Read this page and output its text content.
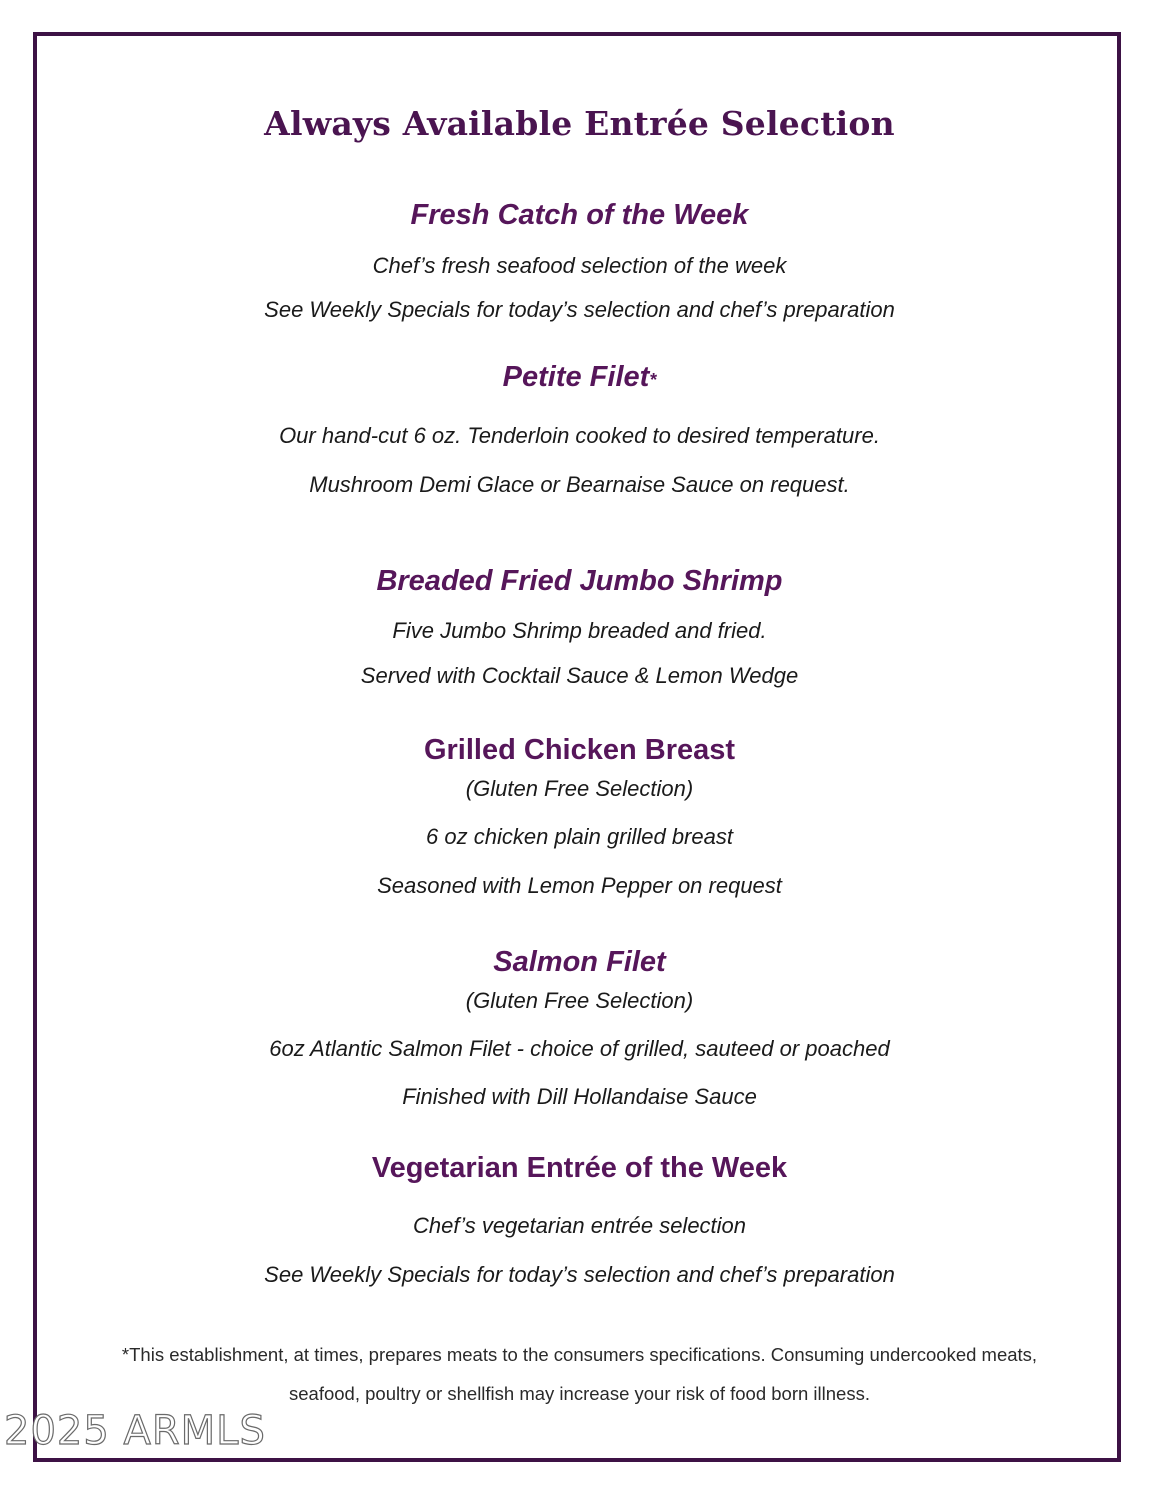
Always Available Entrée Selection
Fresh Catch of the Week
Chef’s fresh seafood selection of the week
See Weekly Specials for today’s selection and chef’s preparation
Petite Filet*
Our hand-cut 6 oz. Tenderloin cooked to desired temperature.
Mushroom Demi Glace or Bearnaise Sauce on request.
Breaded Fried Jumbo Shrimp
Five Jumbo Shrimp breaded and fried.
Served with Cocktail Sauce & Lemon Wedge
Grilled Chicken Breast
(Gluten Free Selection)
6 oz chicken plain grilled breast
Seasoned with Lemon Pepper on request
Salmon Filet
(Gluten Free Selection)
6oz Atlantic Salmon Filet - choice of grilled, sauteed or poached
Finished with Dill Hollandaise Sauce
Vegetarian Entrée of the Week
Chef’s vegetarian entrée selection
See Weekly Specials for today’s selection and chef’s preparation
*This establishment, at times, prepares meats to the consumers specifications. Consuming undercooked meats,
seafood, poultry or shellfish may increase your risk of food born illness.
2025 ARMLS
